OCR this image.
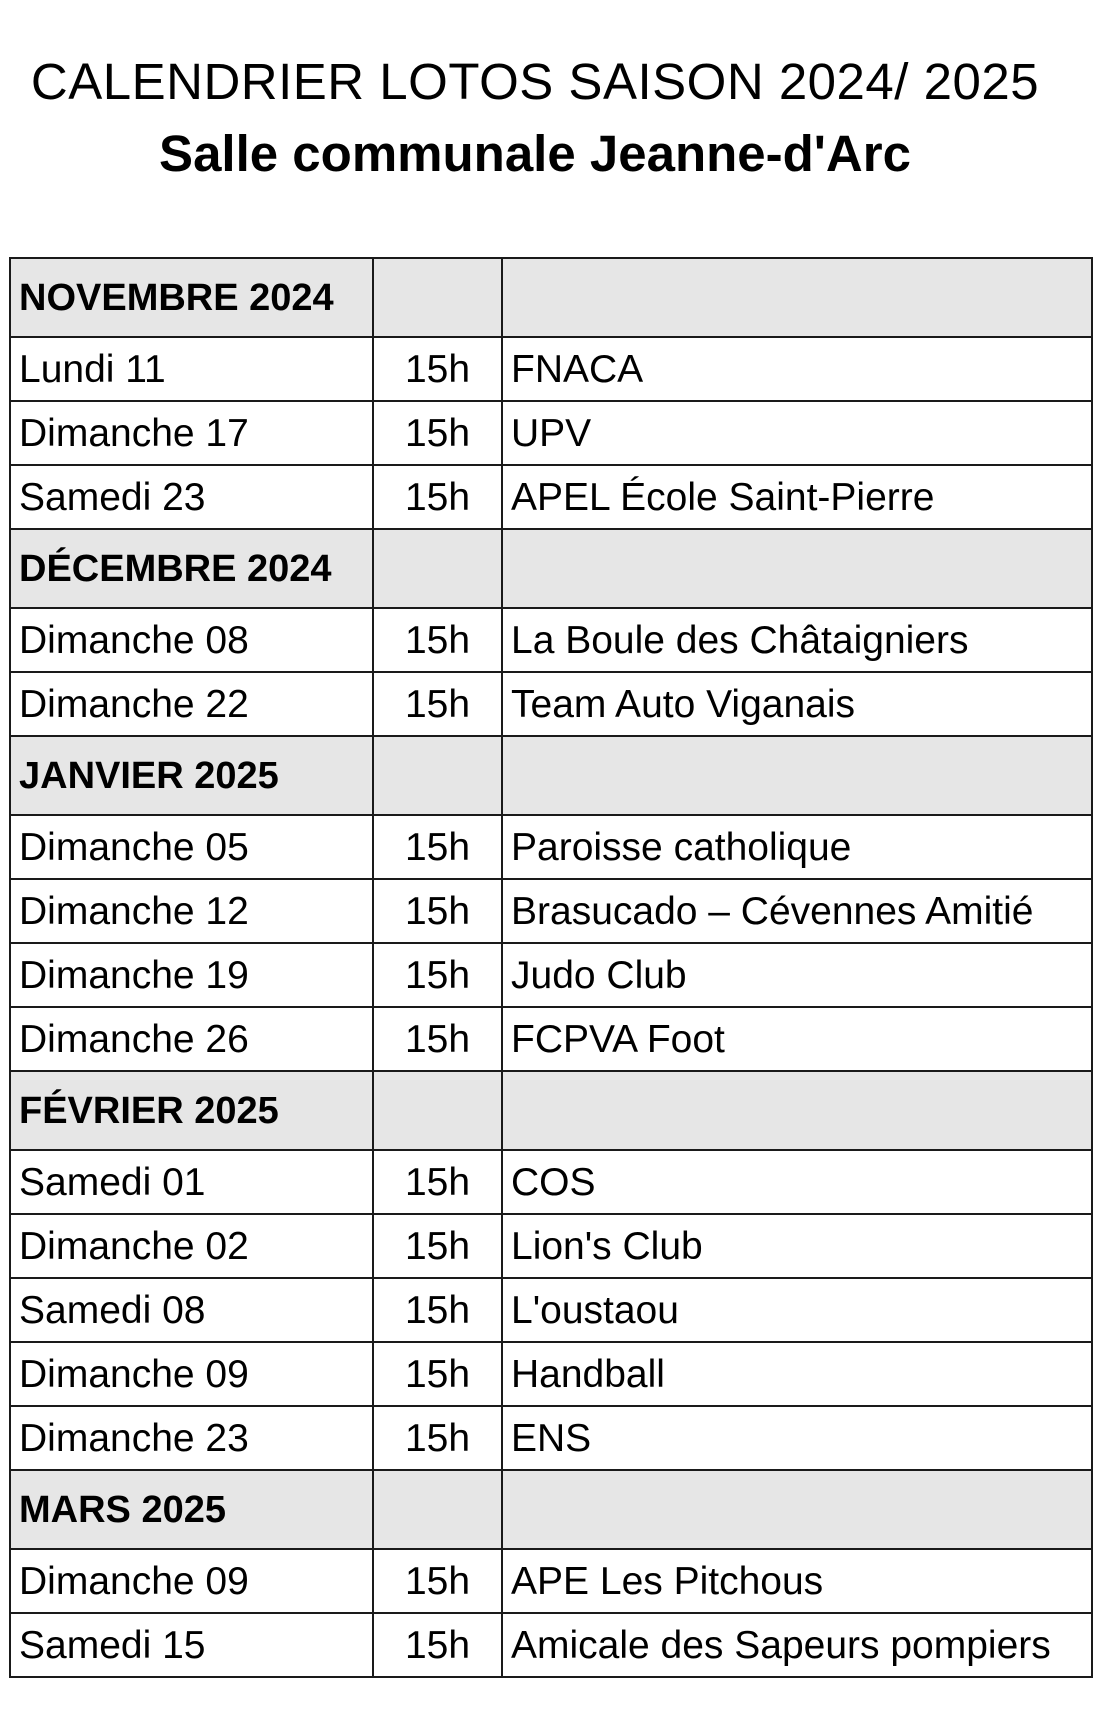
CALENDRIER LOTOS SAISON 2024/ 2025
Salle communale Jeanne-d'Arc
NOVEMBRE 2024		
Lundi 11	15h	FNACA
Dimanche 17	15h	UPV
Samedi 23	15h	APEL École Saint-Pierre
DÉCEMBRE 2024		
Dimanche 08	15h	La Boule des Châtaigniers
Dimanche 22	15h	Team Auto Viganais
JANVIER 2025		
Dimanche 05	15h	Paroisse catholique
Dimanche 12	15h	Brasucado – Cévennes Amitié
Dimanche 19	15h	Judo Club
Dimanche 26	15h	FCPVA Foot
FÉVRIER 2025		
Samedi 01	15h	COS
Dimanche 02	15h	Lion's Club
Samedi 08	15h	L'oustaou
Dimanche 09	15h	Handball
Dimanche 23	15h	ENS
MARS 2025		
Dimanche 09	15h	APE Les Pitchous
Samedi 15	15h	Amicale des Sapeurs pompiers
